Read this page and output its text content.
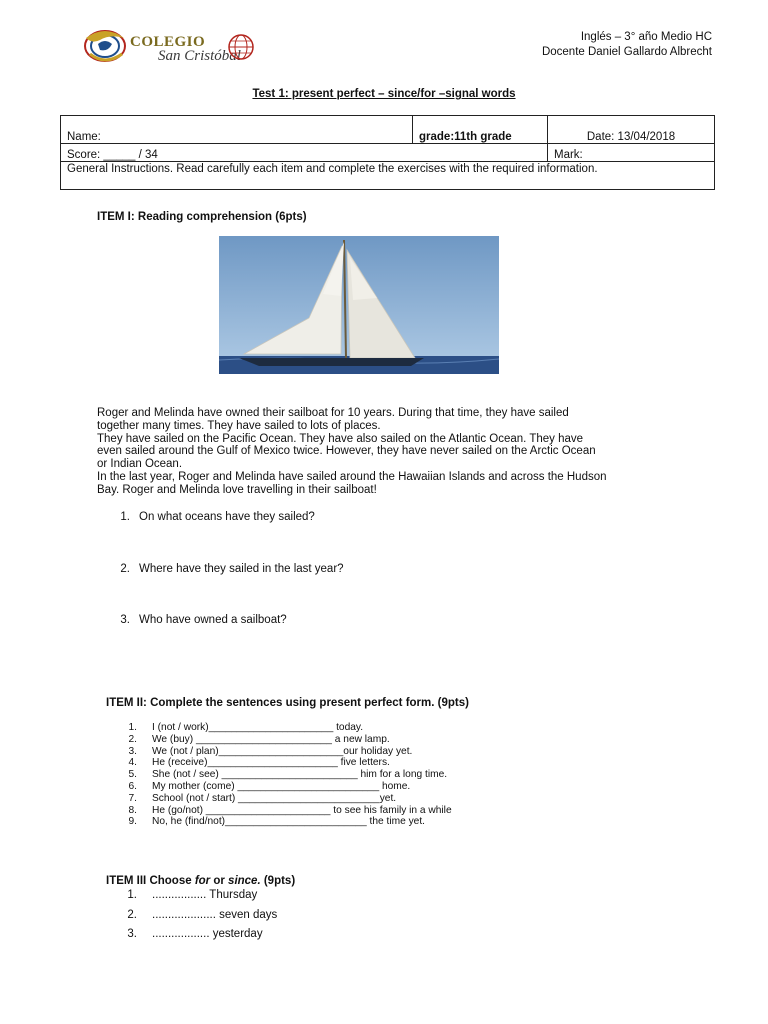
COLEGIO
San Cristóbal
Inglés – 3° año Medio HC
Docente Daniel Gallardo Albrecht
Test 1: present perfect – since/for –signal words
Name:	grade:11th grade	Date: 13/04/2018
Score: _____ / 34		Mark:
General Instructions. Read carefully each item and complete the exercises with the required information.		
ITEM I: Reading comprehension (6pts)
Roger and Melinda have owned their sailboat for 10 years. During that time, they have sailed
together many times. They have sailed to lots of places.
They have sailed on the Pacific Ocean. They have also sailed on the Atlantic Ocean. They have
even sailed around the Gulf of Mexico twice. However, they have never sailed on the Arctic Ocean
or Indian Ocean.
In the last year, Roger and Melinda have sailed around the Hawaiian Islands and across the Hudson
Bay. Roger and Melinda love travelling in their sailboat!
1. On what oceans have they sailed?
2. Where have they sailed in the last year?
3. Who have owned a sailboat?
ITEM II: Complete the sentences using present perfect form. (9pts)
1. I (not / work)______________________ today.
2. We (buy) ________________________ a new lamp.
3. We (not / plan)______________________our holiday yet.
4. He (receive)_______________________ five letters.
5. She (not / see) ________________________ him for a long time.
6. My mother (come) _________________________ home.
7. School (not / start) _________________________yet.
8. He (go/not) ______________________ to see his family in a while
9. No, he (find/not)_________________________ the time yet.
ITEM III Choose for or since. (9pts)
1. ................. Thursday
2. .................... seven days
3. .................. yesterday
